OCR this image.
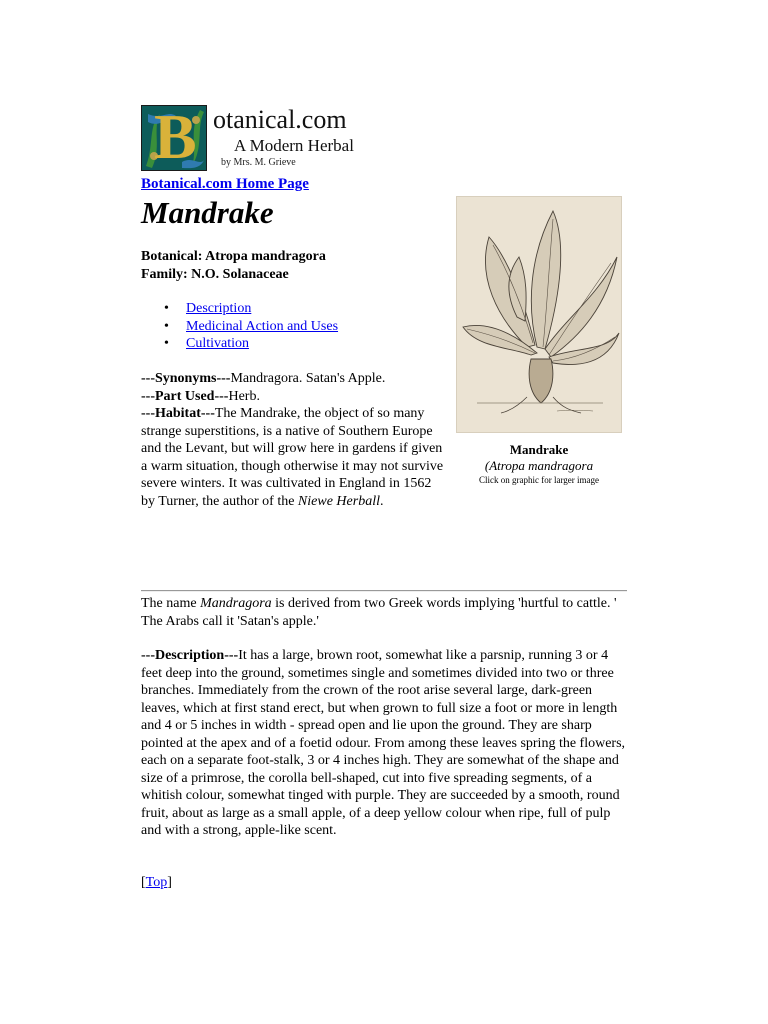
B otanical.com
A Modern Herbal
by Mrs. M. Grieve
Botanical.com Home Page
Mandrake
Botanical: Atropa mandragora
Family: N.O. Solanaceae
• Description
• Medicinal Action and Uses
• Cultivation
Mandrake
(Atropa mandragora
Click on graphic for larger image
---Synonyms---Mandragora. Satan's Apple.
---Part Used---Herb.

---Habitat---The Mandrake, the object of so many strange superstitions, is a native of Southern Europe and the Levant, but will grow here in gardens if given a warm situation, though otherwise it may not survive severe winters. It was cultivated in England in 1562 by Turner, the author of the Niewe Herball.

The name Mandragora is derived from two Greek words implying 'hurtful to cattle. ' The Arabs call it 'Satan's apple.'

---Description---It has a large, brown root, somewhat like a parsnip, running 3 or 4 feet deep into the ground, sometimes single and sometimes divided into two or three branches. Immediately from the crown of the root arise several large, dark-green leaves, which at first stand erect, but when grown to full size a foot or more in length and 4 or 5 inches in width - spread open and lie upon the ground. They are sharp pointed at the apex and of a foetid odour. From among these leaves spring the flowers, each on a separate foot-stalk, 3 or 4 inches high. They are somewhat of the shape and size of a primrose, the corolla bell-shaped, cut into five spreading segments, of a whitish colour, somewhat tinged with purple. They are succeeded by a smooth, round fruit, about as large as a small apple, of a deep yellow colour when ripe, full of pulp and with a strong, apple-like scent.

[Top]
